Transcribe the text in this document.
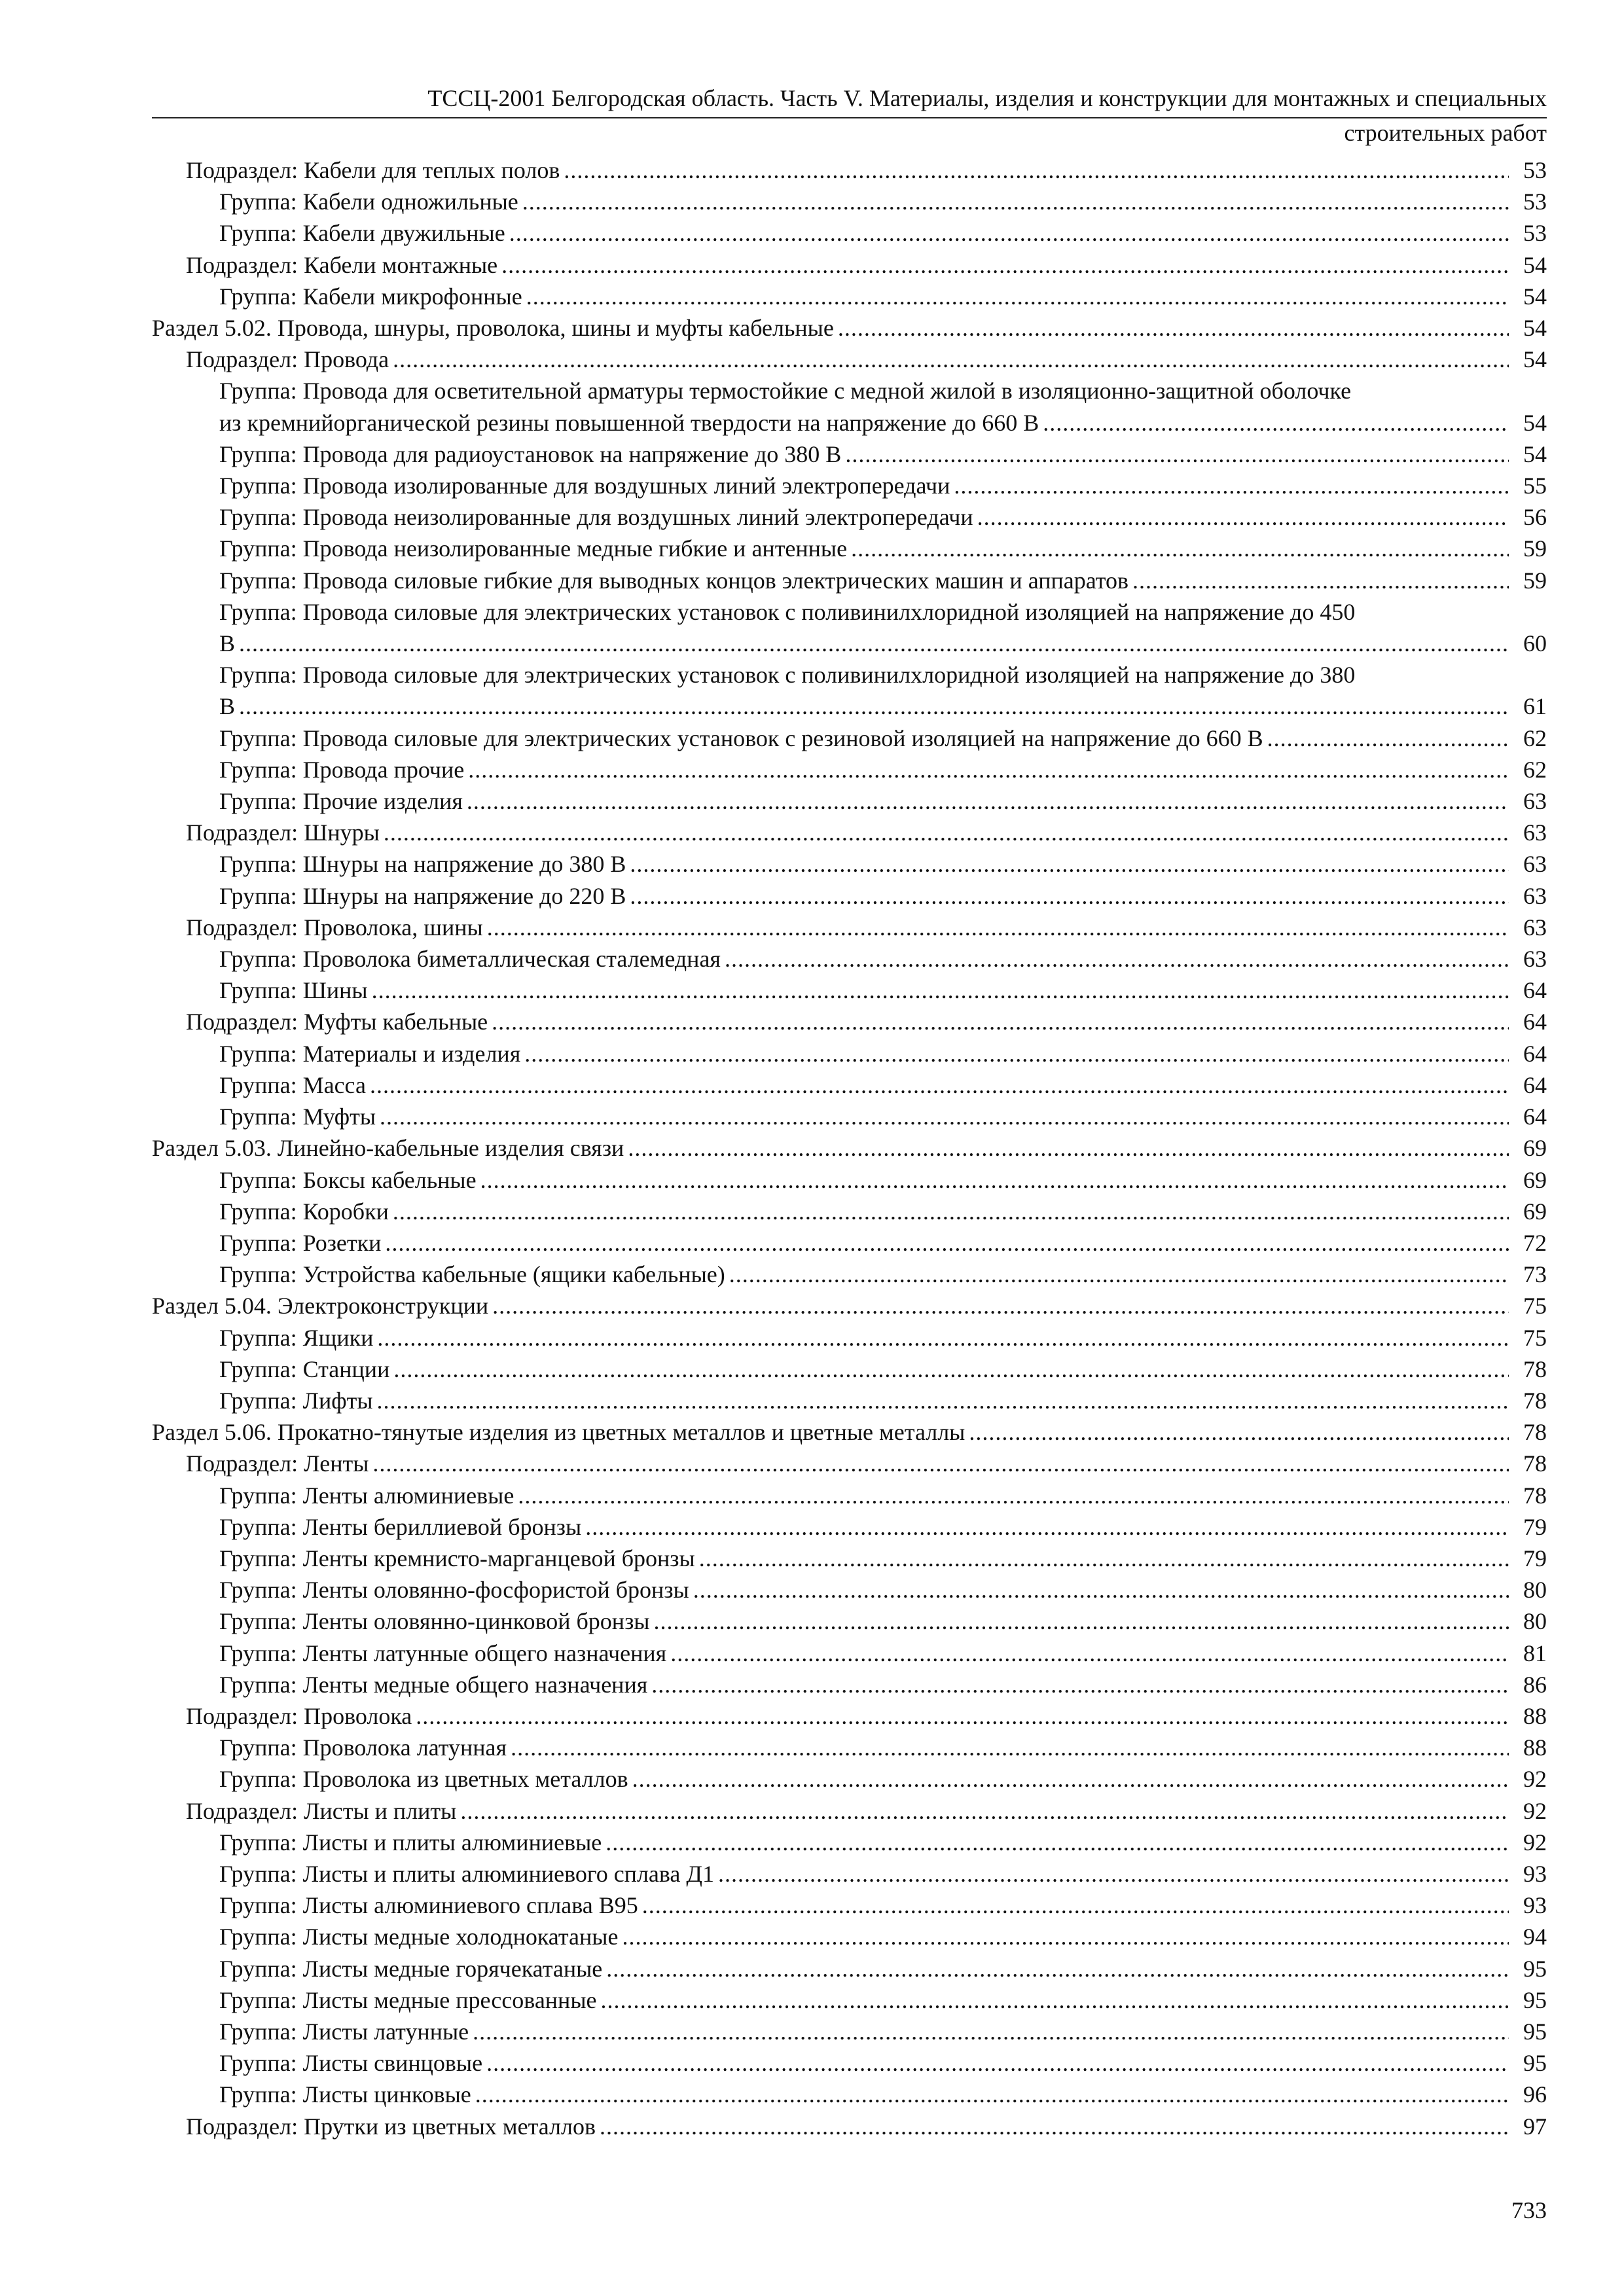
ТССЦ-2001 Белгородская область. Часть V. Материалы, изделия и конструкции для монтажных и специальных
строительных работ
Подраздел: Кабели для теплых полов . . .	53
Группа: Кабели одножильные . . .	53
Группа: Кабели двужильные . . .	53
Подраздел: Кабели монтажные . . .	54
Группа: Кабели микрофонные . . .	54
Раздел 5.02. Провода, шнуры, проволока, шины и муфты кабельные . . .	54
Подраздел: Провода . . .	54
Группа: Провода для осветительной арматуры термостойкие с медной жилой в изоляционно-защитной оболочке
из кремнийорганической резины повышенной твердости на напряжение до 660 В . . .	54
Группа: Провода для радиоустановок на напряжение до 380 В . . .	54
Группа: Провода изолированные для воздушных линий электропередачи . . .	55
Группа: Провода неизолированные для воздушных линий электропередачи . . .	56
Группа: Провода неизолированные медные гибкие и антенные . . .	59
Группа: Провода силовые гибкие для выводных концов электрических машин и аппаратов . . .	59
Группа: Провода силовые для электрических установок с поливинилхлоридной изоляцией на напряжение до 450
В . . .	60
Группа: Провода силовые для электрических установок с поливинилхлоридной изоляцией на напряжение до 380
В . . .	61
Группа: Провода силовые для электрических установок с резиновой изоляцией на напряжение до 660 В . . .	62
Группа: Провода прочие . . .	62
Группа: Прочие изделия . . .	63
Подраздел: Шнуры . . .	63
Группа: Шнуры на напряжение до 380 В . . .	63
Группа: Шнуры на напряжение до 220 В . . .	63
Подраздел: Проволока, шины . . .	63
Группа: Проволока биметаллическая сталемедная . . .	63
Группа: Шины . . .	64
Подраздел: Муфты кабельные . . .	64
Группа: Материалы и изделия . . .	64
Группа: Масса . . .	64
Группа: Муфты . . .	64
Раздел 5.03. Линейно-кабельные изделия связи . . .	69
Группа: Боксы кабельные . . .	69
Группа: Коробки . . .	69
Группа: Розетки . . .	72
Группа: Устройства кабельные (ящики кабельные) . . .	73
Раздел 5.04. Электроконструкции . . .	75
Группа: Ящики . . .	75
Группа: Станции . . .	78
Группа: Лифты . . .	78
Раздел 5.06. Прокатно-тянутые изделия из цветных металлов и цветные металлы . . .	78
Подраздел: Ленты . . .	78
Группа: Ленты алюминиевые . . .	78
Группа: Ленты бериллиевой бронзы . . .	79
Группа: Ленты кремнисто-марганцевой бронзы . . .	79
Группа: Ленты оловянно-фосфористой бронзы . . .	80
Группа: Ленты оловянно-цинковой бронзы . . .	80
Группа: Ленты латунные общего назначения . . .	81
Группа: Ленты медные общего назначения . . .	86
Подраздел: Проволока . . .	88
Группа: Проволока латунная . . .	88
Группа: Проволока из цветных металлов . . .	92
Подраздел: Листы и плиты . . .	92
Группа: Листы и плиты алюминиевые . . .	92
Группа: Листы и плиты алюминиевого сплава Д1 . . .	93
Группа: Листы алюминиевого сплава В95 . . .	93
Группа: Листы медные холоднокатаные . . .	94
Группа: Листы медные горячекатаные . . .	95
Группа: Листы медные прессованные . . .	95
Группа: Листы латунные . . .	95
Группа: Листы свинцовые . . .	95
Группа: Листы цинковые . . .	96
Подраздел: Прутки из цветных металлов . . .	97
733
